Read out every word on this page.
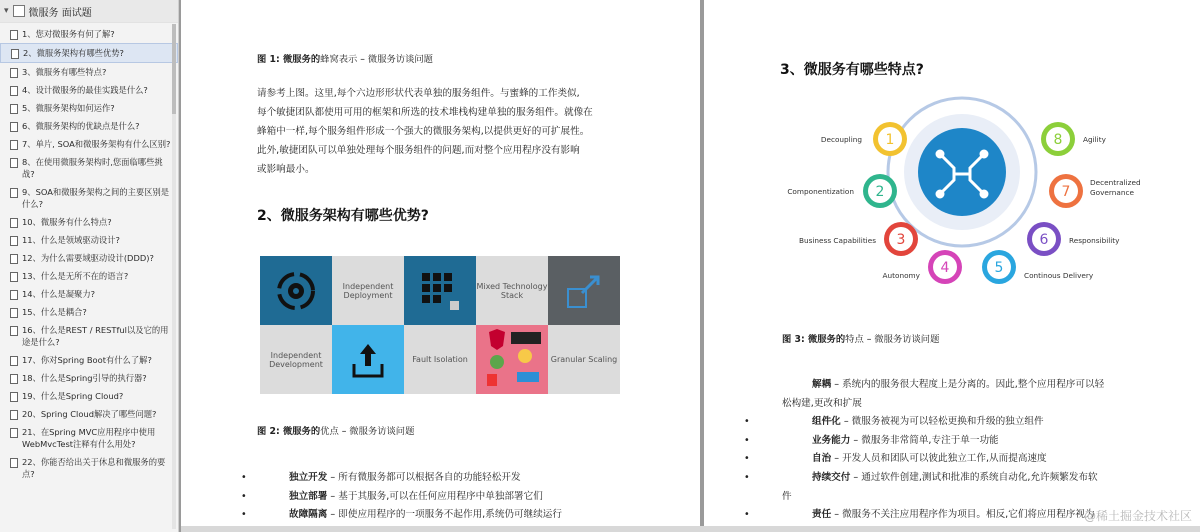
▾ 微服务 面试题
1、您对微服务有何了解?
2、微服务架构有哪些优势?
3、微服务有哪些特点?
4、设计微服务的最佳实践是什么?
5、微服务架构如何运作?
6、微服务架构的优缺点是什么?
7、单片, SOA和微服务架构有什么区别?
8、在使用微服务架构时,您面临哪些挑战?
9、SOA和微服务架构之间的主要区别是什么?
10、微服务有什么特点?
11、什么是领域驱动设计?
12、为什么需要域驱动设计(DDD)?
13、什么是无所不在的语言?
14、什么是凝聚力?
15、什么是耦合?
16、什么是REST / RESTful以及它的用途是什么?
17、你对Spring Boot有什么了解?
18、什么是Spring引导的执行器?
19、什么是Spring Cloud?
20、Spring Cloud解决了哪些问题?
21、在Spring MVC应用程序中使用WebMvcTest注释有什么用处?
22、你能否给出关于休息和微服务的要点?
图 1: 微服务的蜂窝表示 – 微服务访谈问题
请参考上图。这里,每个六边形形状代表单独的服务组件。与蜜蜂的工作类似,
每个敏捷团队都使用可用的框架和所选的技术堆栈构建单独的服务组件。就像在
蜂箱中一样,每个服务组件形成一个强大的微服务架构,以提供更好的可扩展性。
此外,敏捷团队可以单独处理每个服务组件的问题,而对整个应用程序没有影响
或影响最小。
2、微服务架构有哪些优势?
Independent Deployment
Mixed Technology Stack
Independent Development	Fault Isolation	Granular Scaling
图 2: 微服务的优点 – 微服务访谈问题
•	独立开发 – 所有微服务都可以根据各自的功能轻松开发
•	独立部署 – 基于其服务,可以在任何应用程序中单独部署它们
•	故障隔离 – 即使应用程序的一项服务不起作用,系统仍可继续运行
3、微服务有哪些特点?
1
Decoupling
2
Componentization
3
Business Capabilities
4
Autonomy	5	Continous Delivery
6	Responsibility
7
Decentralized
Governance
8	Agility
图 3: 微服务的特点 – 微服务访谈问题
解耦 – 系统内的服务很大程度上是分离的。因此,整个应用程序可以轻
松构建,更改和扩展
•	组件化 – 微服务被视为可以轻松更换和升级的独立组件
•	业务能力 – 微服务非常简单,专注于单一功能
•	自治 – 开发人员和团队可以彼此独立工作,从而提高速度
•	持续交付 – 通过软件创建,测试和批准的系统自动化,允许频繁发布软
件
•	责任 – 微服务不关注应用程序作为项目。相反,它们将应用程序视为
@稀土掘金技术社区
